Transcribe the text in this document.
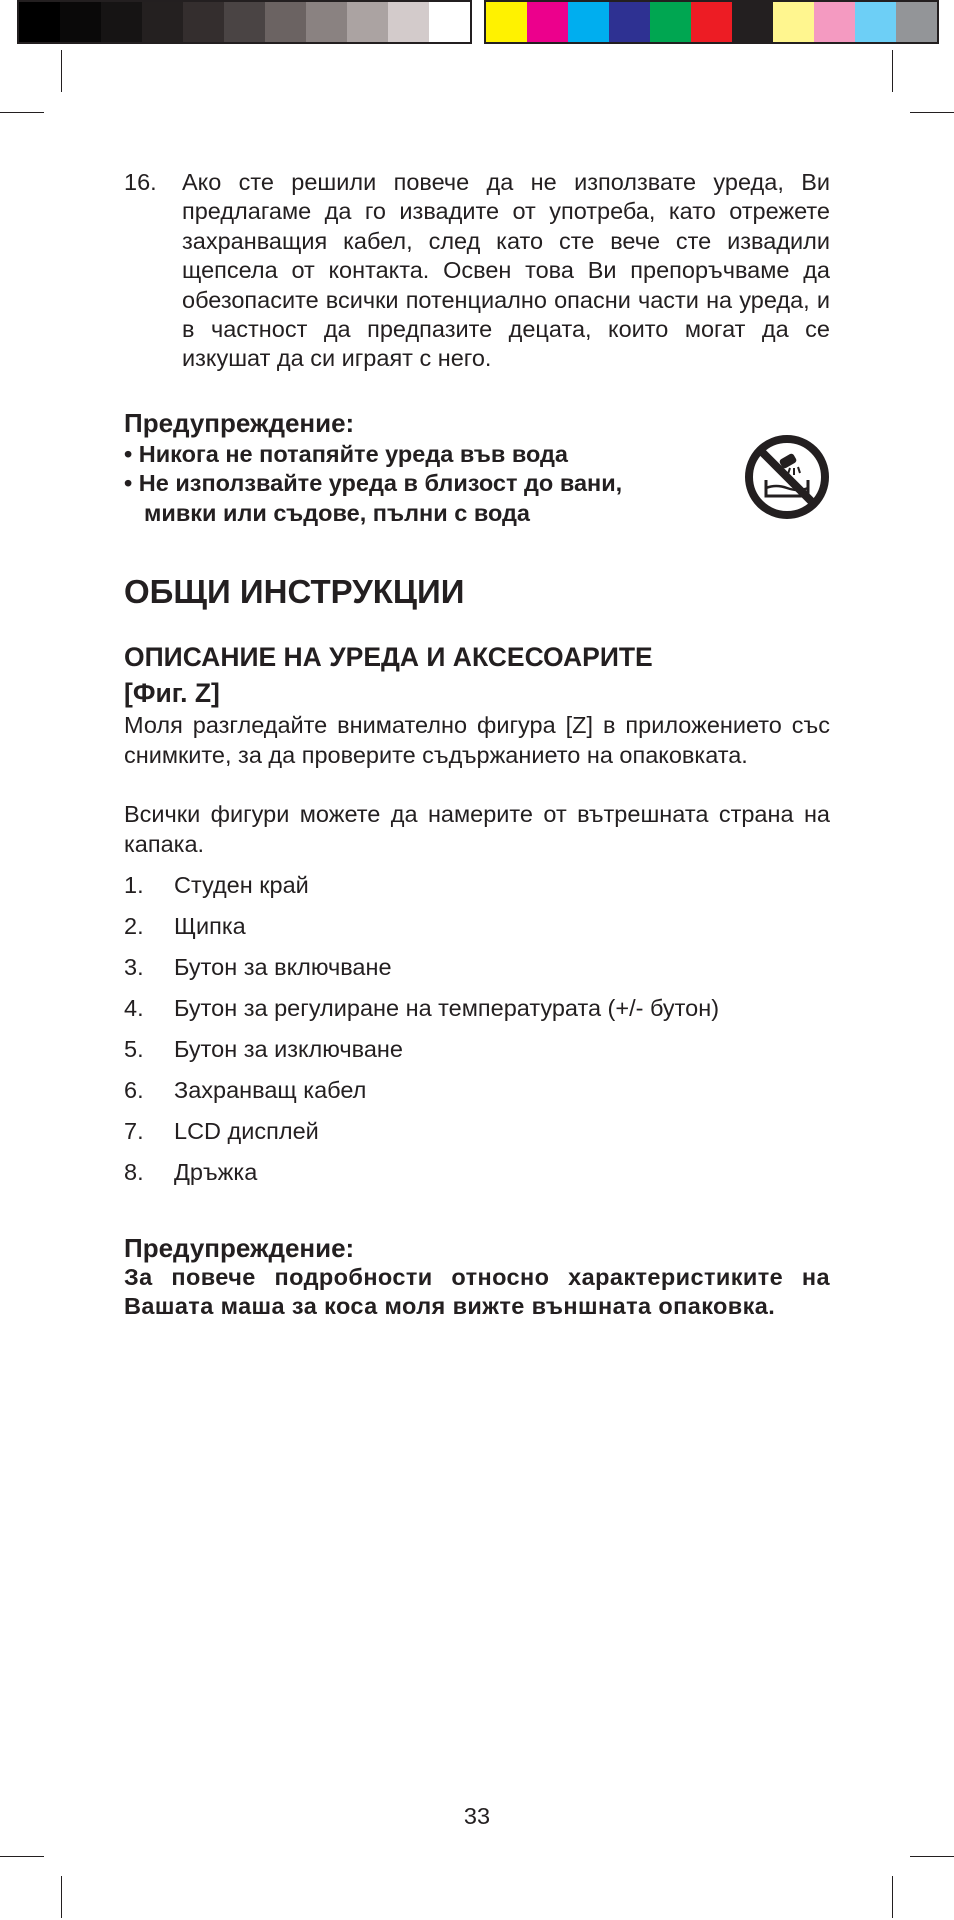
16. Ако сте решили повече да не използвате уреда, Ви предлагаме да го извадите от употреба, като отрежете захранващия кабел, след като сте вече сте извадили щепсела от контакта. Освен това Ви препоръчваме да обезопасите всички потенциално опасни части на уреда, и в частност да предпазите децата, които могат да се изкушат да си играят с него.
Предупреждение:
• Никога не потапяйте уреда във вода
• Не използвайте уреда в близост до вани,
мивки или съдове, пълни с вода
ОБЩИ ИНСТРУКЦИИ
ОПИСАНИЕ НА УРЕДА И АКСЕСОАРИТЕ
[Фиг. Z]
Моля разгледайте внимателно фигура [Z] в приложението със снимките, за да проверите съдържанието на опаковката.
Всички фигури можете да намерите от вътрешната страна на капака.
1.	Студен край
2.	Щипка
3.	Бутон за включване
4.	Бутон за регулиране на температурата (+/- бутон)
5.	Бутон за изключване
6.	Захранващ кабел
7.	LCD дисплей
8.	Дръжка
Предупреждение:
За повече подробности относно характеристиките на Вашата маша за коса моля вижте външната опаковка.
33
